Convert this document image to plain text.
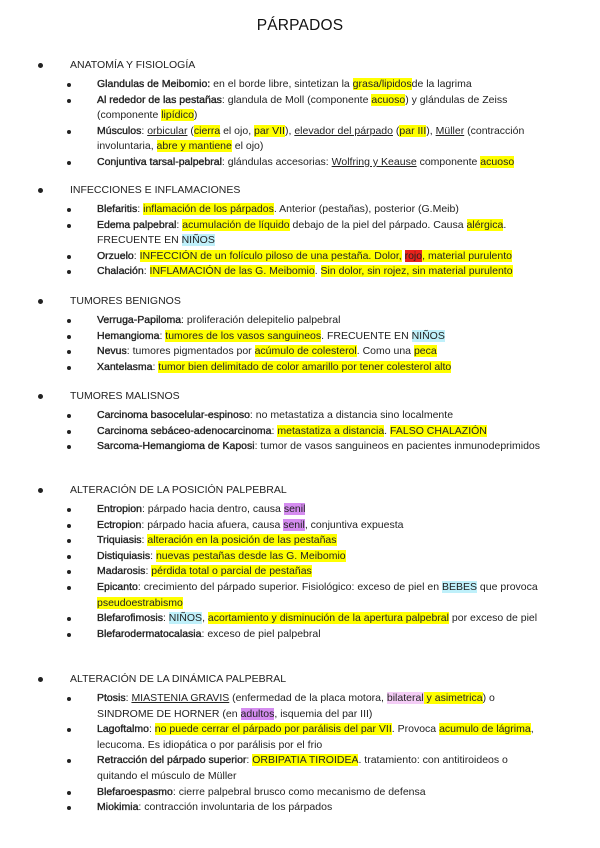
PÁRPADOS
ANATOMÍA Y FISIOLOGÍA
Glandulas de Meibomio: en el borde libre, sintetizan la grasa/lipidosde la lagrima
Al rededor de las pestañas: glandula de Moll (componente acuoso) y glándulas de Zeiss (componente lipídico)
Músculos: orbicular (cierra el ojo, par VII), elevador del párpado (par III), Müller (contracción involuntaria, abre y mantiene el ojo)
Conjuntiva tarsal-palpebral: glándulas accesorias: Wolfring y Keause componente acuoso
INFECCIONES E INFLAMACIONES
Blefaritis: inflamación de los párpados. Anterior (pestañas), posterior (G.Meib)
Edema palpebral: acumulación de líquido debajo de la piel del párpado. Causa alérgica. FRECUENTE EN NIÑOS
Orzuelo: INFECCIÓN de un folículo piloso de una pestaña. Dolor, rojo, material purulento
Chalación: INFLAMACIÓN de las G. Meibomio. Sin dolor, sin rojez, sin material purulento
TUMORES BENIGNOS
Verruga-Papiloma: proliferación delepitelio palpebral
Hemangioma: tumores de los vasos sanguineos. FRECUENTE EN NIÑOS
Nevus: tumores pigmentados por acúmulo de colesterol. Como una peca
Xantelasma: tumor bien delimitado de color amarillo por tener colesterol alto
TUMORES MALISNOS
Carcinoma basocelular-espinoso: no metastatiza a distancia sino localmente
Carcinoma sebáceo-adenocarcinoma: metastatiza a distancia. FALSO CHALAZIÓN
Sarcoma-Hemangioma de Kaposi: tumor de vasos sanguineos en pacientes inmunodeprimidos
ALTERACIÓN DE LA POSICIÓN PALPEBRAL
Entropion: párpado hacia dentro, causa senil
Ectropion: párpado hacia afuera, causa senil, conjuntiva expuesta
Triquiasis: alteración en la posición de las pestañas
Distiquiasis: nuevas pestañas desde las G. Meibomio
Madarosis: pérdida total o parcial de pestañas
Epicanto: crecimiento del párpado superior. Fisiológico: exceso de piel en BEBES que provoca pseudoestrabismo
Blefarofimosis: NIÑOS, acortamiento y disminución de la apertura palpebral por exceso de piel
Blefarodermatocalasia: exceso de piel palpebral
ALTERACIÓN DE LA DINÁMICA PALPEBRAL
Ptosis: MIASTENIA GRAVIS (enfermedad de la placa motora, bilateral y asimetrica) o SINDROME DE HORNER (en adultos, isquemia del par III)
Lagoftalmo: no puede cerrar el párpado por parálisis del par VII. Provoca acumulo de lágrima, lecucoma. Es idiopática o por parálisis por el frio
Retracción del párpado superior: ORBIPATIA TIROIDEA. tratamiento: con antitiroideos o quitando el músculo de Müller
Blefaroespasmo: cierre palpebral brusco como mecanismo de defensa
Miokimia: contracción involuntaria de los párpados
